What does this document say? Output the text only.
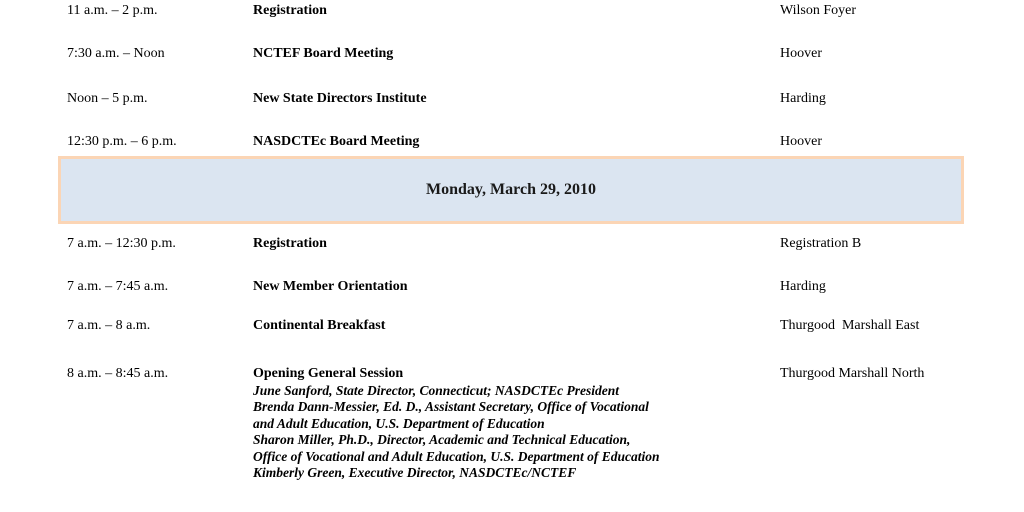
11 a.m. – 2 p.m.	Registration	Wilson Foyer
7:30 a.m. – Noon	NCTEF Board Meeting	Hoover
Noon – 5 p.m.	New State Directors Institute	Harding
12:30 p.m. – 6 p.m.	NASDCTEc Board Meeting	Hoover
Monday, March 29, 2010
7 a.m. – 12:30 p.m.	Registration	Registration B
7 a.m. – 7:45 a.m.	New Member Orientation	Harding
7 a.m. – 8 a.m.	Continental Breakfast	Thurgood  Marshall East
8 a.m. – 8:45 a.m.	Opening General Session	Thurgood Marshall North
June Sanford, State Director, Connecticut; NASDCTEc President
Brenda Dann-Messier, Ed. D., Assistant Secretary, Office of Vocational
and Adult Education, U.S. Department of Education
Sharon Miller, Ph.D., Director, Academic and Technical Education,
Office of Vocational and Adult Education, U.S. Department of Education
Kimberly Green, Executive Director, NASDCTEc/NCTEF
